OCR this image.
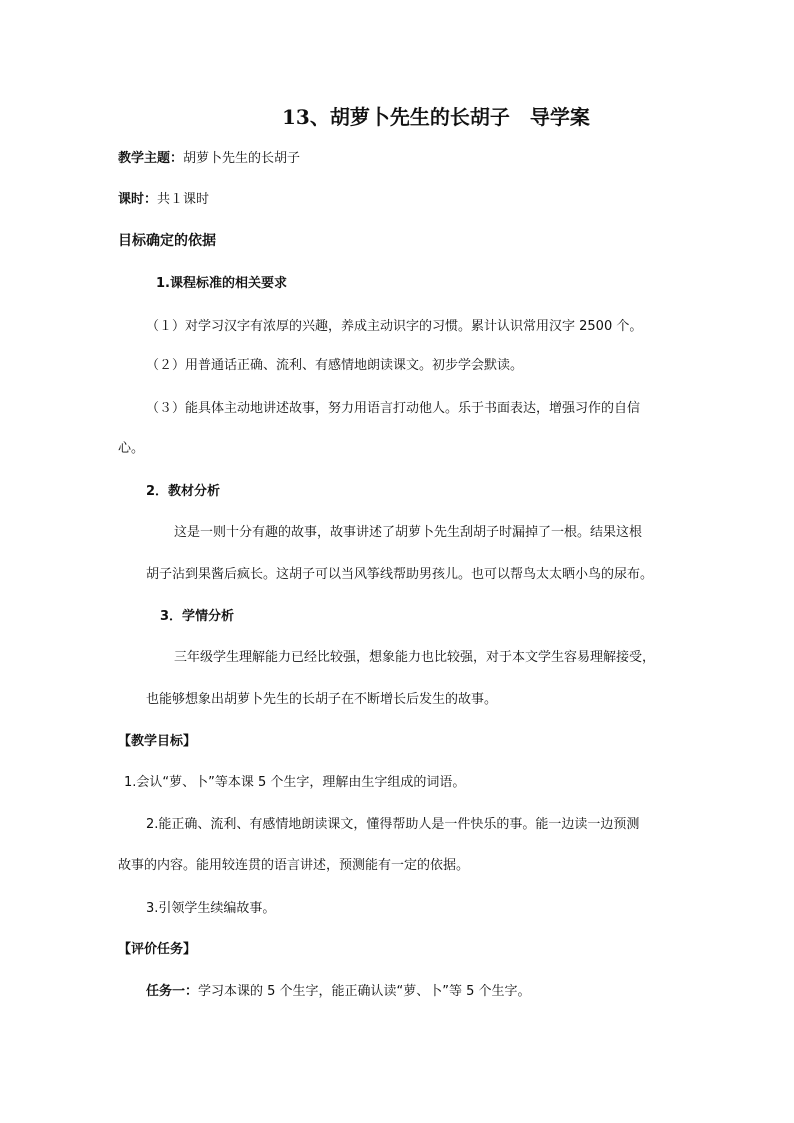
13、胡萝卜先生的长胡子　导学案
教学主题：胡萝卜先生的长胡子
课时：共１课时
目标确定的依据
1.课程标准的相关要求
（１）对学习汉字有浓厚的兴趣，养成主动识字的习惯。累计认识常用汉字 2500 个。
（２）用普通话正确、流利、有感情地朗读课文。初步学会默读。
（３）能具体主动地讲述故事，努力用语言打动他人。乐于书面表达，增强习作的自信
心。
2．教材分析
这是一则十分有趣的故事，故事讲述了胡萝卜先生刮胡子时漏掉了一根。结果这根
胡子沾到果酱后疯长。这胡子可以当风筝线帮助男孩儿。也可以帮鸟太太晒小鸟的尿布。
3．学情分析
三年级学生理解能力已经比较强，想象能力也比较强，对于本文学生容易理解接受，
也能够想象出胡萝卜先生的长胡子在不断增长后发生的故事。
【教学目标】
1.会认“萝、卜”等本课 5 个生字，理解由生字组成的词语。
2.能正确、流利、有感情地朗读课文，懂得帮助人是一件快乐的事。能一边读一边预测
故事的内容。能用较连贯的语言讲述，预测能有一定的依据。
3.引领学生续编故事。
【评价任务】
任务一：学习本课的 5 个生字，能正确认读“萝、卜”等 5 个生字。
